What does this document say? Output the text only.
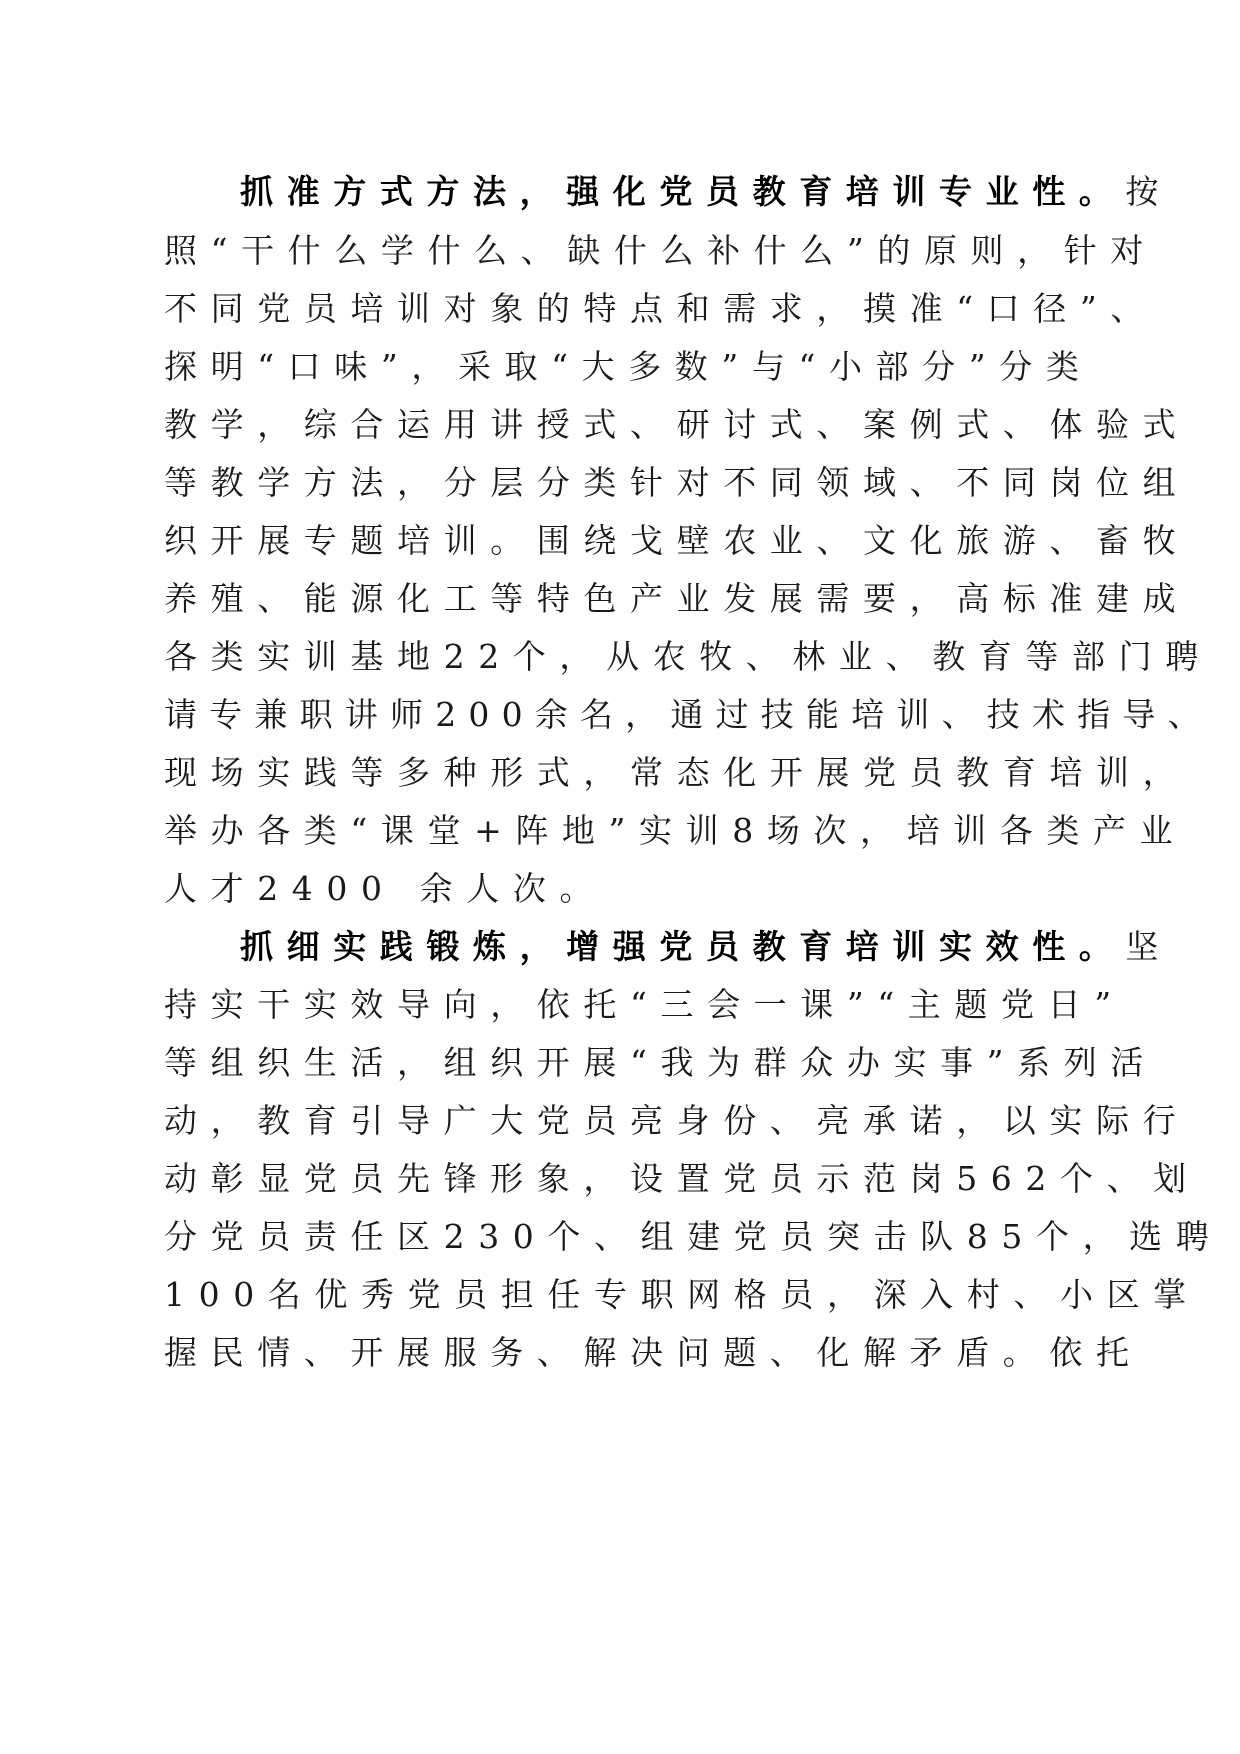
抓准方式方法，强化党员教育培训专业性。按
照“干什么学什么、缺什么补什么”的原则，针对
不同党员培训对象的特点和需求，摸准“口径”、
探明“口味”，采取“大多数”与“小部分”分类
教学，综合运用讲授式、研讨式、案例式、体验式
等教学方法，分层分类针对不同领域、不同岗位组
织开展专题培训。围绕戈壁农业、文化旅游、畜牧
养殖、能源化工等特色产业发展需要，高标准建成
各类实训基地22个，从农牧、林业、教育等部门聘
请专兼职讲师200余名，通过技能培训、技术指导、
现场实践等多种形式，常态化开展党员教育培训，
举办各类“课堂+阵地”实训8场次，培训各类产业
人才2400 余人次。
抓细实践锻炼，增强党员教育培训实效性。坚
持实干实效导向，依托“三会一课”“主题党日”
等组织生活，组织开展“我为群众办实事”系列活
动，教育引导广大党员亮身份、亮承诺，以实际行
动彰显党员先锋形象，设置党员示范岗562个、划
分党员责任区230个、组建党员突击队85个，选聘
100名优秀党员担任专职网格员，深入村、小区掌
握民情、开展服务、解决问题、化解矛盾。依托
